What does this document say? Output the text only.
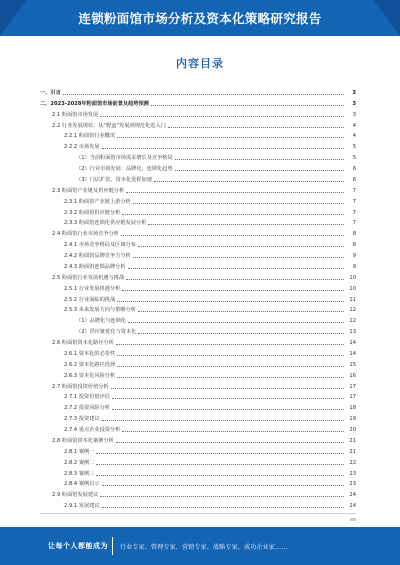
连锁粉面馆市场分析及资本化策略研究报告
内容目录
一、引言	3
二、2023-2028年粉面馆市场前景及趋势预测	3
2.1 粉面馆市场发展	3
2.2 行业发展现状：从“野蛮”发展到规范化进入门	4
2.2.1 粉面馆行业概况	4
2.2.2 市场发展	5
（1）当前粉面馆市场需求增长及竞争格局	5
（2）行业市场发展：品牌化，连锁化趋势	6
（3）门店扩张、资本化进程加速	6
2.3 粉面馆产业链及供应链分析	7
2.3.1 粉面馆产业链上游分析	7
2.3.2 粉面馆供应链分析	7
2.3.3 粉面馆连锁化供应链发展分析	7
2.4 粉面馆行业市场竞争分析	8
2.4.1 市场竞争格局及区域分布	8
2.4.2 粉面馆品牌竞争力分析	9
2.4.3 粉面馆连锁品牌分析	9
2.5 粉面馆行业发展机遇与挑战	10
2.5.1 行业发展机遇分析	10
2.5.2 行业面临的挑战	11
2.5.3 未来发展方向与策略分析	12
（1）品牌化与连锁化	12
（2）供应链优化与资本化	13
2.6 粉面馆资本化路径分析	14
2.6.1 资本化的必要性	14
2.6.2 资本化路径选择	15
2.6.3 资本化风险分析	16
2.7 粉面馆投资价值分析	17
2.7.1 投资价值评估	17
2.7.2 投资风险分析	18
2.7.3 投资建议	19
2.7.4 重点企业投资分析	20
2.8 粉面馆资本化案例分析	21
2.8.1 案例一	21
2.8.2 案例二	22
2.8.3 案例三	23
2.8.4 案例启示	23
2.9 粉面馆发展建议	24
2.9.1 发展建议	24
让每个人都能成为 行业专家、管理专家、营销专家、战略专家、成功企业家……
